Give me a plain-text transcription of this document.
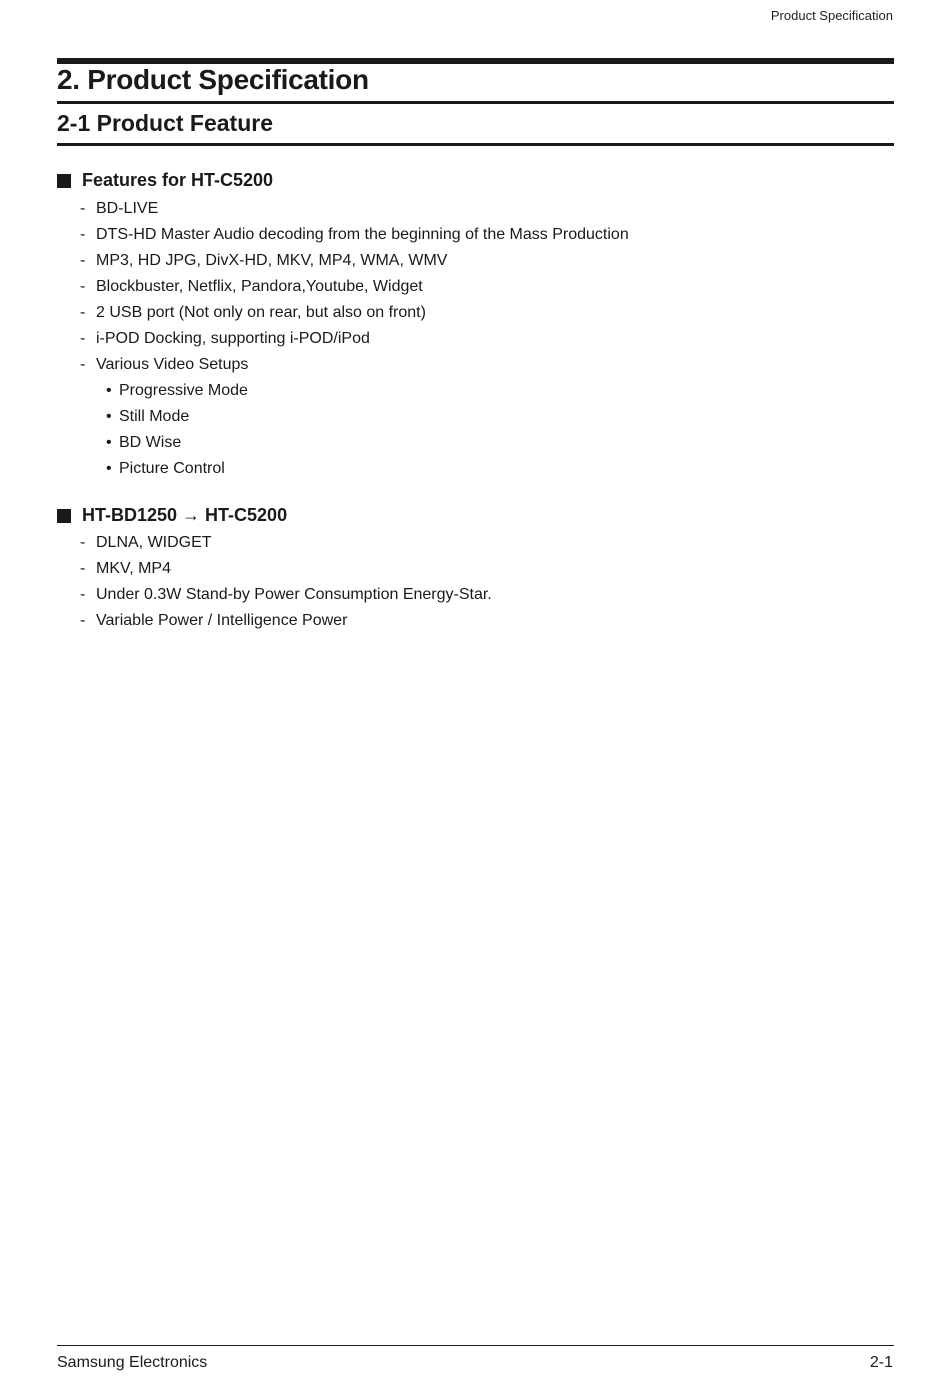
Product Specification
2. Product Specification
2-1 Product Feature
Features for HT-C5200
- BD-LIVE
- DTS-HD Master Audio decoding from the beginning of the Mass Production
- MP3, HD JPG, DivX-HD, MKV, MP4, WMA, WMV
- Blockbuster, Netflix, Pandora,Youtube, Widget
- 2 USB port (Not only on rear, but also on front)
- i-POD Docking, supporting i-POD/iPod
- Various Video Setups
• Progressive Mode
• Still Mode
• BD Wise
• Picture Control
HT-BD1250 → HT-C5200
- DLNA, WIDGET
- MKV, MP4
- Under 0.3W Stand-by Power Consumption Energy-Star.
- Variable Power / Intelligence Power
Samsung Electronics	2-1
